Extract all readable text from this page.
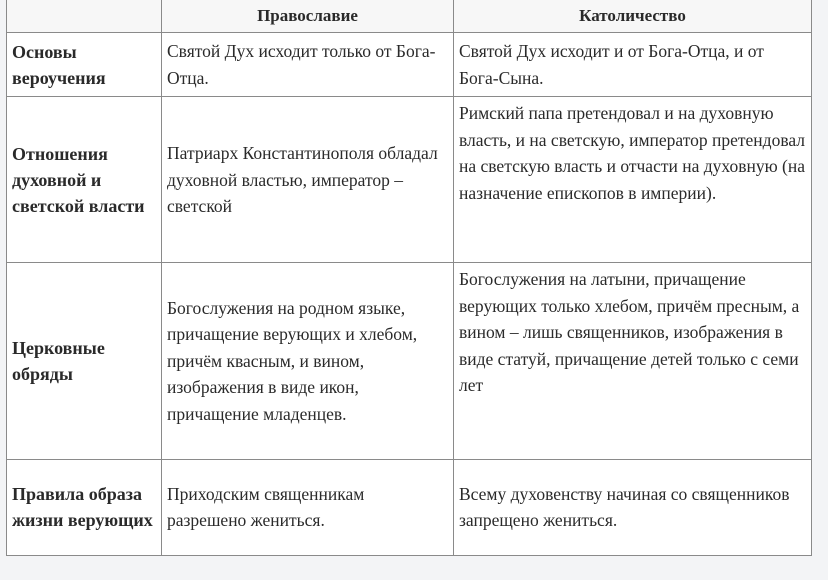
	Православие	Католичество
Основы вероучения	Святой Дух исходит только от Бога-Отца.	Святой Дух исходит и от Бога-Отца, и от Бога-Сына.
Отношения духовной и светской власти	Патриарх Константинополя обладал духовной властью, император – светской	Римский папа претендовал и на духовную власть, и на светскую, император претендовал на светскую власть и отчасти на духовную (на назначение епископов в империи).
Церковные обряды	Богослужения на родном языке, причащение верующих и хлебом, причём квасным, и вином, изображения в виде икон, причащение младенцев.	Богослужения на латыни, причащение верующих только хлебом, причём пресным, а вином – лишь священников, изображения в виде статуй, причащение детей только с семи лет
Правила образа жизни верующих	Приходским священникам разрешено жениться.	Всему духовенству начиная со священников запрещено жениться.
